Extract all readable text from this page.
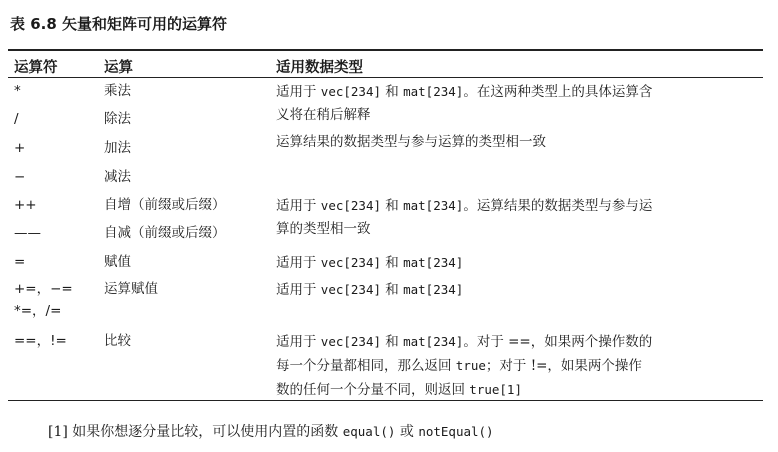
表 6.8 矢量和矩阵可用的运算符
运算符	运算	适用数据类型
*
/
+
−
++
——
=
+=，−=
*=，/=
==，!=
乘法
除法
加法
减法
自增（前缀或后缀）
自减（前缀或后缀）
赋值
运算赋值
比较
适用于 vec[234] 和 mat[234]。在这两种类型上的具体运算含
义将在稍后解释
运算结果的数据类型与参与运算的类型相一致
适用于 vec[234] 和 mat[234]。运算结果的数据类型与参与运
算的类型相一致
适用于 vec[234] 和 mat[234]
适用于 vec[234] 和 mat[234]
适用于 vec[234] 和 mat[234]。对于 ==，如果两个操作数的
每一个分量都相同，那么返回 true；对于 !=，如果两个操作
数的任何一个分量不同，则返回 true[1]
[1] 如果你想逐分量比较，可以使用内置的函数 equal() 或 notEqual()
